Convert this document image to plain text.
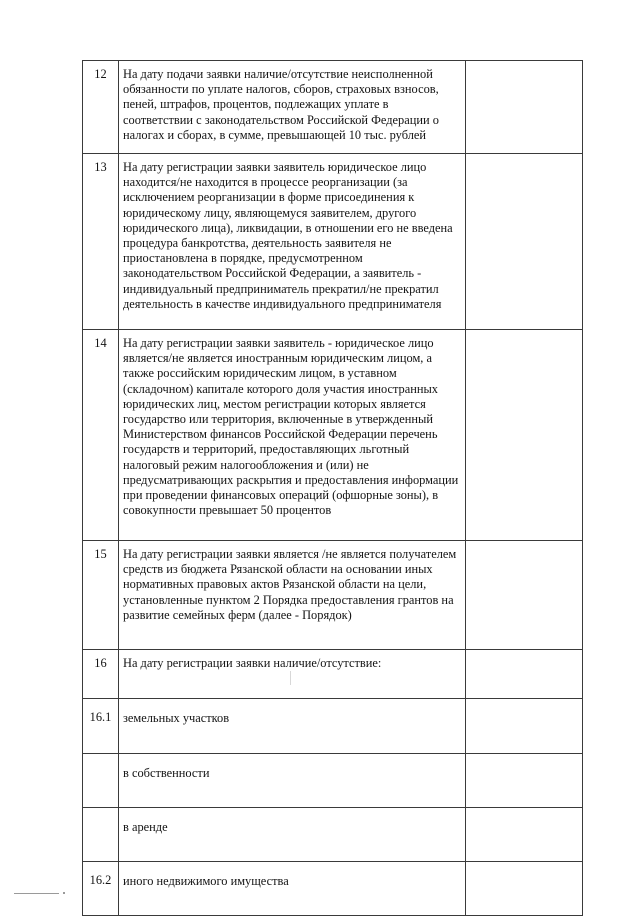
12	На дату подачи заявки наличие/отсутствие неисполненной обязанности по уплате налогов, сборов, страховых взносов, пеней, штрафов, процентов, подлежащих уплате в соответствии с законодательством Российской Федерации о налогах и сборах, в сумме, превышающей 10 тыс. рублей	
13	На дату регистрации заявки заявитель юридическое лицо находится/не находится в процессе реорганизации (за исключением реорганизации в форме присоединения к юридическому лицу, являющемуся заявителем, другого юридического лица), ликвидации, в отношении его не введена процедура банкротства, деятельность заявителя не приостановлена в порядке, предусмотренном законодательством Российской Федерации, а заявитель - индивидуальный предприниматель прекратил/не прекратил деятельность в качестве индивидуального предпринимателя	
14	На дату регистрации заявки заявитель - юридическое лицо является/не является иностранным юридическим лицом, а также российским юридическим лицом, в уставном (складочном) капитале которого доля участия иностранных юридических лиц, местом регистрации которых является государство или территория, включенные в утвержденный Министерством финансов Российской Федерации перечень государств и территорий, предоставляющих льготный налоговый режим налогообложения и (или) не предусматривающих раскрытия и предоставления информации при проведении финансовых операций (офшорные зоны), в совокупности превышает 50 процентов	
15	На дату регистрации заявки является /не является получателем средств из бюджета Рязанской области на основании иных нормативных правовых актов Рязанской области на цели, установленные пунктом 2 Порядка предоставления грантов на развитие семейных ферм (далее - Порядок)	
16	На дату регистрации заявки наличие/отсутствие:	
16.1	земельных участков	
	в собственности	
	в аренде	
16.2	иного недвижимого имущества	
